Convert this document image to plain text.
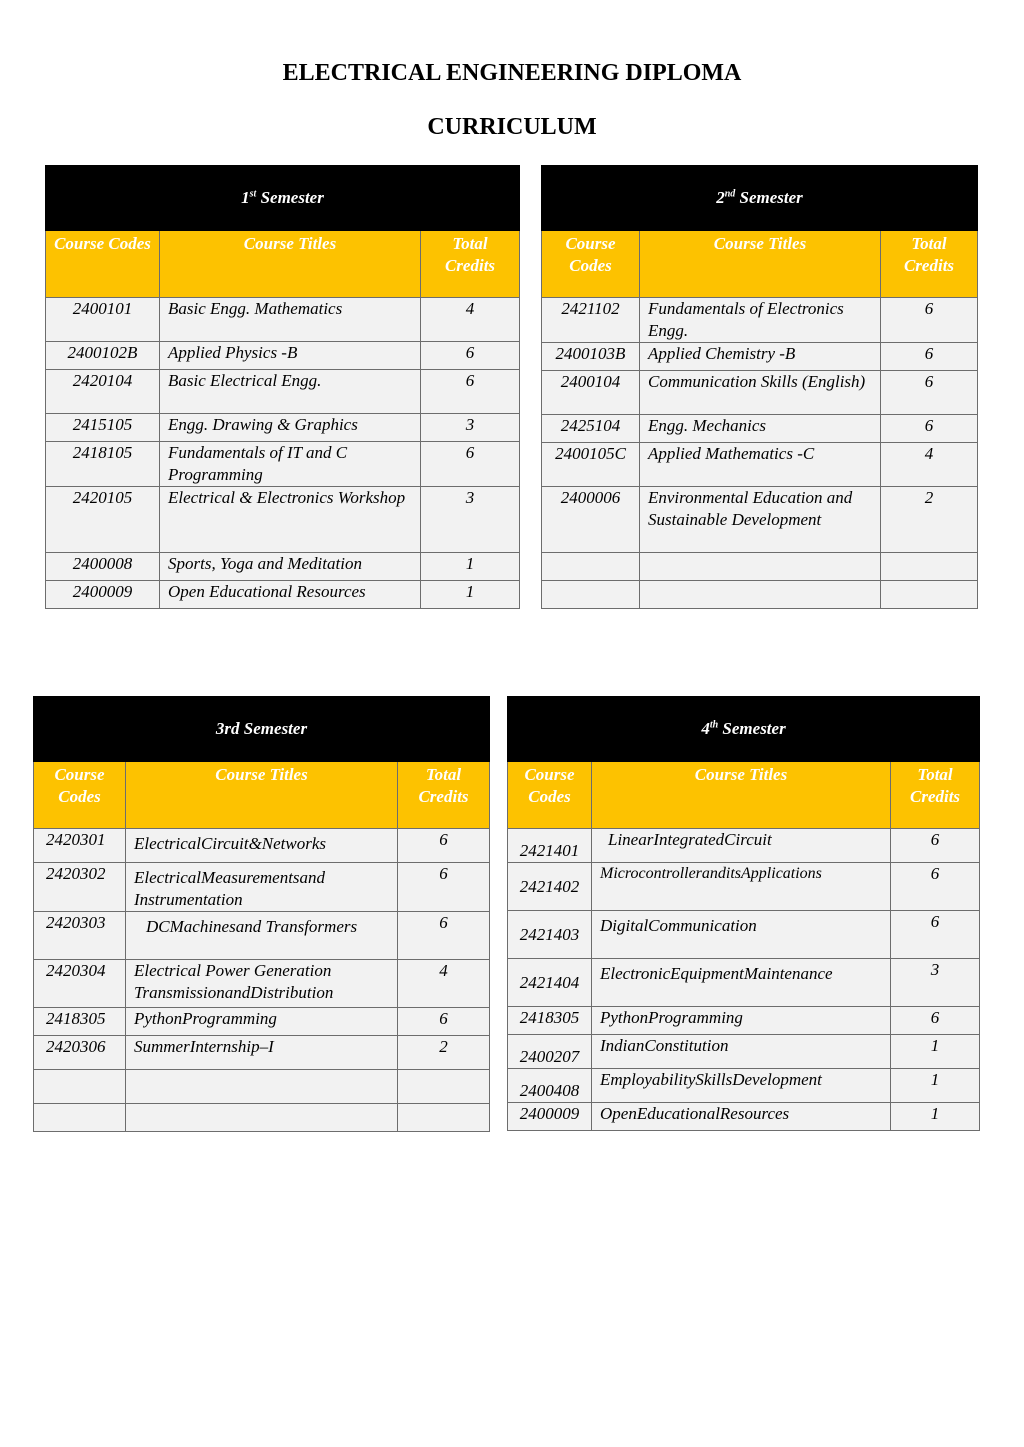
ELECTRICAL ENGINEERING DIPLOMA
CURRICULUM
1st Semester		
Course Codes	Course Titles	Total Credits
2400101	Basic Engg. Mathematics	4
2400102B	Applied Physics -B	6
2420104	Basic Electrical Engg.	6
2415105	Engg. Drawing & Graphics	3
2418105	Fundamentals of IT and C Programming	6
2420105	Electrical & Electronics Workshop	3
2400008	Sports, Yoga and Meditation	1
2400009	Open Educational Resources	1
2nd Semester		
Course Codes	Course Titles	Total Credits
2421102	Fundamentals of Electronics Engg.	6
2400103B	Applied Chemistry -B	6
2400104	Communication Skills (English)	6
2425104	Engg. Mechanics	6
2400105C	Applied Mathematics -C	4
2400006	Environmental Education and Sustainable Development	2

3rd Semester		
Course Codes	Course Titles	Total Credits
2420301	ElectricalCircuit&Networks	6
2420302	ElectricalMeasurementsand Instrumentation	6
2420303	DCMachinesand Transformers	6
2420304	Electrical Power Generation TransmissionandDistribution	4
2418305	PythonProgramming	6
2420306	SummerInternship–I	2

4th Semester		
Course Codes	Course Titles	Total Credits
2421401	LinearIntegratedCircuit	6
2421402	MicrocontrolleranditsApplications	6
2421403	DigitalCommunication	6
2421404	ElectronicEquipmentMaintenance	3
2418305	PythonProgramming	6
2400207	IndianConstitution	1
2400408	EmployabilitySkillsDevelopment	1
2400009	OpenEducationalResources	1
